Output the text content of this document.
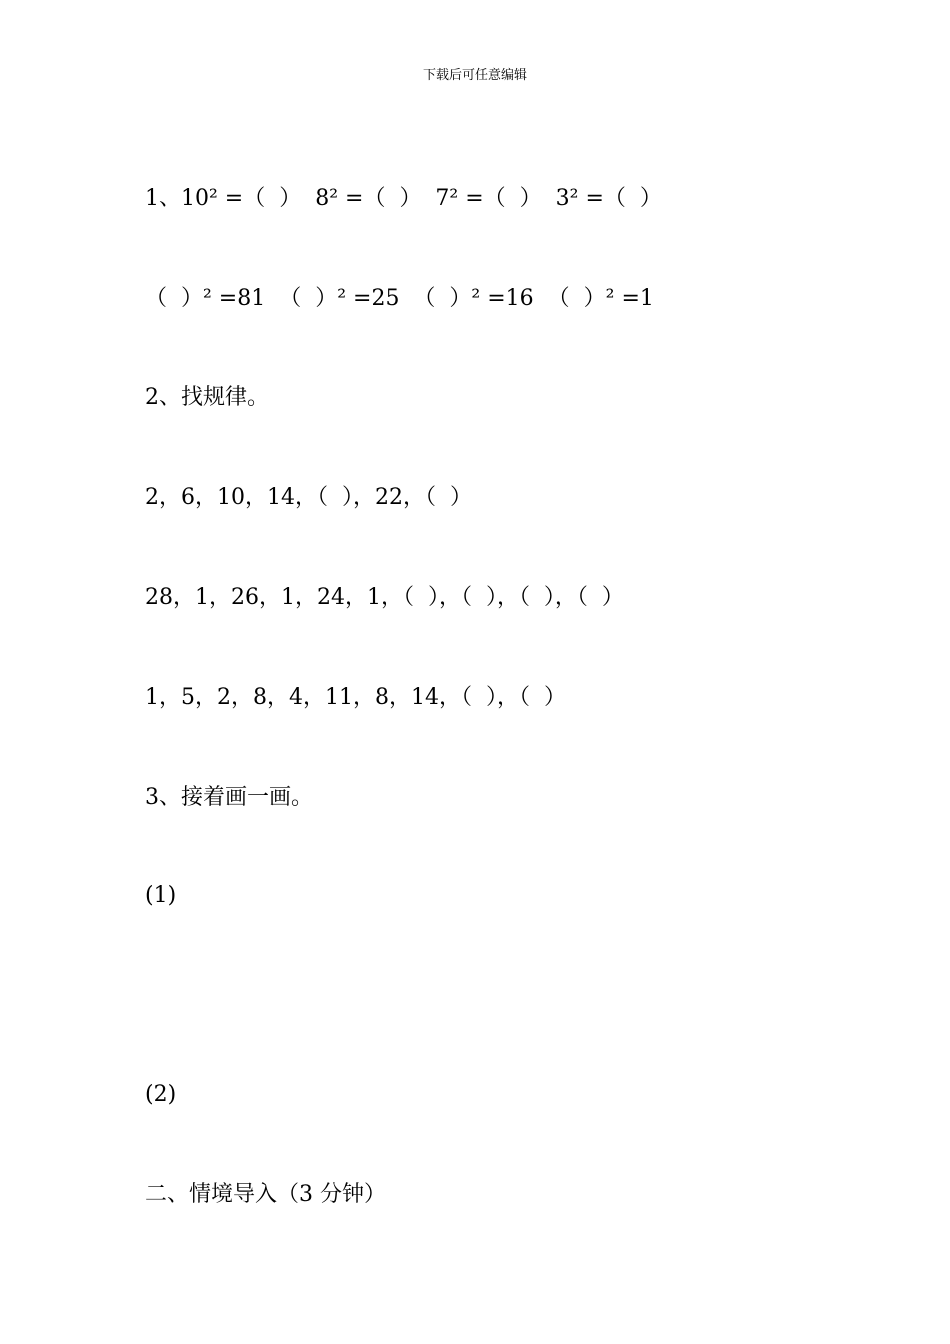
下载后可任意编辑
1、10² =（  ）  8² =（  ）  7² =（  ）  3² =（  ）
（  ）² =81  （  ）² =25  （  ）² =16  （  ）² =1
2、找规律。
2，6，10，14，（  ），22，（  ）
28，1，26，1，24，1，（  ），（  ），（  ），（  ）
1，5，2，8，4，11，8，14，（  ），（  ）
3、接着画一画。
(1)
(2)
二、情境导入（3 分钟）
